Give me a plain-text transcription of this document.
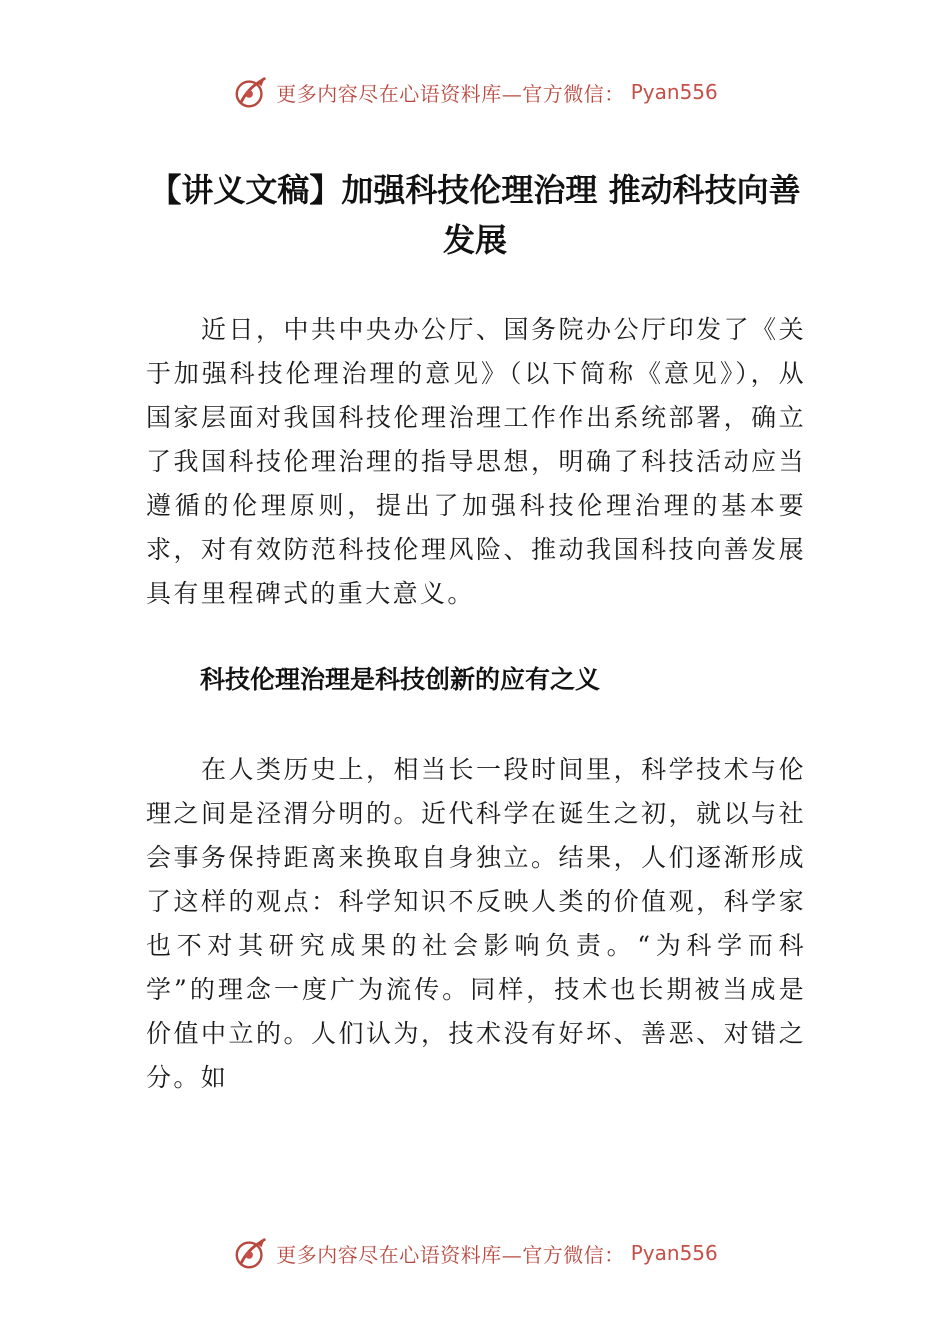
更多内容尽在心语资料库—官方微信： Pyan556
【讲义文稿】加强科技伦理治理 推动科技向善发展

近日，中共中央办公厅、国务院办公厅印发了《关于加强科技伦理治理的意见》（以下简称《意见》），从国家层面对我国科技伦理治理工作作出系统部署，确立了我国科技伦理治理的指导思想，明确了科技活动应当遵循的伦理原则，提出了加强科技伦理治理的基本要求，对有效防范科技伦理风险、推动我国科技向善发展具有里程碑式的重大意义。

科技伦理治理是科技创新的应有之义

在人类历史上，相当长一段时间里，科学技术与伦理之间是泾渭分明的。近代科学在诞生之初，就以与社会事务保持距离来换取自身独立。结果，人们逐渐形成了这样的观点：科学知识不反映人类的价值观，科学家也不对其研究成果的社会影响负责。“为科学而科学”的理念一度广为流传。同样，技术也长期被当成是价值中立的。人们认为，技术没有好坏、善恶、对错之分。如

更多内容尽在心语资料库—官方微信： Pyan556
